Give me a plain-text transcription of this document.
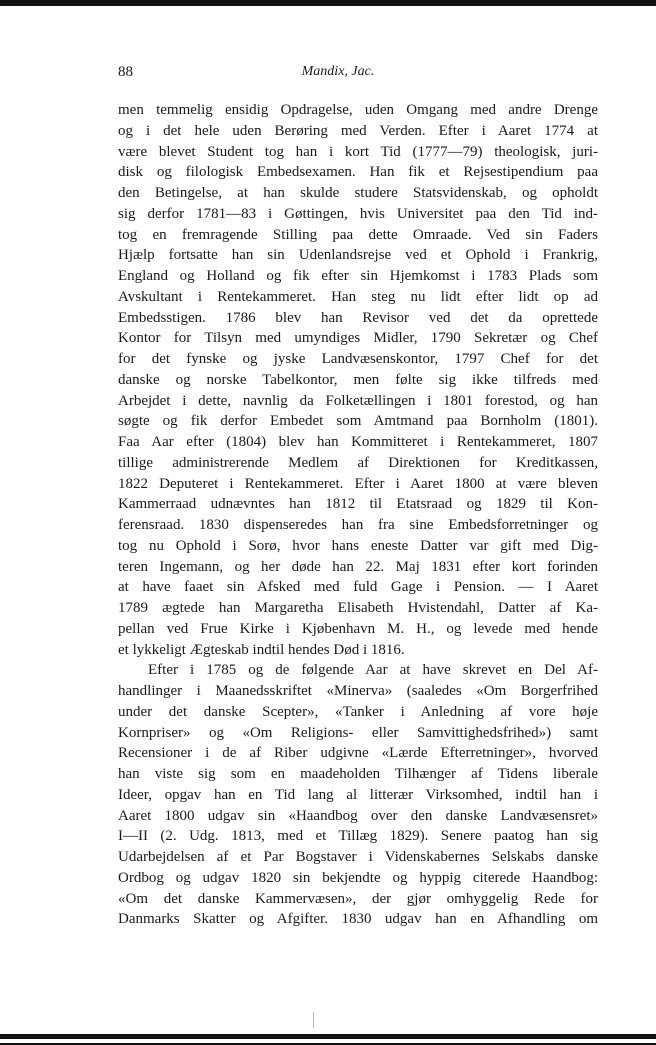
88	Mandix, Jac.
men temmelig ensidig Opdragelse, uden Omgang med andre Drenge
og i det hele uden Berøring med Verden. Efter i Aaret 1774 at
være blevet Student tog han i kort Tid (1777—79) theologisk, juri-
disk og filologisk Embedsexamen. Han fik et Rejsestipendium paa
den Betingelse, at han skulde studere Statsvidenskab, og opholdt
sig derfor 1781—83 i Gøttingen, hvis Universitet paa den Tid ind-
tog en fremragende Stilling paa dette Omraade. Ved sin Faders
Hjælp fortsatte han sin Udenlandsrejse ved et Ophold i Frankrig,
England og Holland og fik efter sin Hjemkomst i 1783 Plads som
Avskultant i Rentekammeret. Han steg nu lidt efter lidt op ad
Embedsstigen. 1786 blev han Revisor ved det da oprettede
Kontor for Tilsyn med umyndiges Midler, 1790 Sekretær og Chef
for det fynske og jyske Landvæsenskontor, 1797 Chef for det
danske og norske Tabelkontor, men følte sig ikke tilfreds med
Arbejdet i dette, navnlig da Folketællingen i 1801 forestod, og han
søgte og fik derfor Embedet som Amtmand paa Bornholm (1801).
Faa Aar efter (1804) blev han Kommitteret i Rentekammeret, 1807
tillige administrerende Medlem af Direktionen for Kreditkassen,
1822 Deputeret i Rentekammeret. Efter i Aaret 1800 at være bleven
Kammerraad udnævntes han 1812 til Etatsraad og 1829 til Kon-
ferensraad. 1830 dispenseredes han fra sine Embedsforretninger og
tog nu Ophold i Sorø, hvor hans eneste Datter var gift med Dig-
teren Ingemann, og her døde han 22. Maj 1831 efter kort forinden
at have faaet sin Afsked med fuld Gage i Pension. — I Aaret
1789 ægtede han Margaretha Elisabeth Hvistendahl, Datter af Ka-
pellan ved Frue Kirke i Kjøbenhavn M. H., og levede med hende
et lykkeligt Ægteskab indtil hendes Død i 1816.
Efter i 1785 og de følgende Aar at have skrevet en Del Af-
handlinger i Maanedsskriftet «Minerva» (saaledes «Om Borgerfrihed
under det danske Scepter», «Tanker i Anledning af vore høje
Kornpriser» og «Om Religions- eller Samvittighedsfrihed») samt
Recensioner i de af Riber udgivne «Lærde Efterretninger», hvorved
han viste sig som en maadeholden Tilhænger af Tidens liberale
Ideer, opgav han en Tid lang al litterær Virksomhed, indtil han i
Aaret 1800 udgav sin «Haandbog over den danske Landvæsensret»
I—II (2. Udg. 1813, med et Tillæg 1829). Senere paatog han sig
Udarbejdelsen af et Par Bogstaver i Videnskabernes Selskabs danske
Ordbog og udgav 1820 sin bekjendte og hyppig citerede Haandbog:
«Om det danske Kammervæsen», der gjør omhyggelig Rede for
Danmarks Skatter og Afgifter. 1830 udgav han en Afhandling om
